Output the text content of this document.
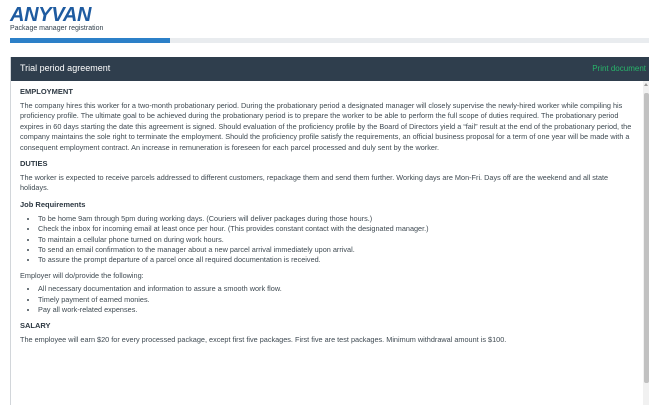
ANYVAN
Package manager registration
Trial period agreement	Print document
EMPLOYMENT

The company hires this worker for a two-month probationary period. During the probationary period a designated manager will closely supervise the newly-hired worker while compiling his proficiency profile. The ultimate goal to be achieved during the probationary period is to prepare the worker to be able to perform the full scope of duties required. The probationary period expires in 60 days starting the date this agreement is signed. Should evaluation of the proficiency profile by the Board of Directors yield a “fail” result at the end of the probationary period, the company maintains the sole right to terminate the employment. Should the proficiency profile satisfy the requirements, an official business proposal for a term of one year will be made with a consequent employment contract. An increase in remuneration is foreseen for each parcel processed and duly sent by the worker.

DUTIES

The worker is expected to receive parcels addressed to different customers, repackage them and send them further. Working days are Mon-Fri. Days off are the weekend and all state holidays.

Job Requirements
• To be home 9am through 5pm during working days. (Couriers will deliver packages during those hours.)
• Check the inbox for incoming email at least once per hour. (This provides constant contact with the designated manager.)
• To maintain a cellular phone turned on during work hours.
• To send an email confirmation to the manager about a new parcel arrival immediately upon arrival.
• To assure the prompt departure of a parcel once all required documentation is received.

Employer will do/provide the following:

• All necessary documentation and information to assure a smooth work flow.
• Timely payment of earned monies.
• Pay all work-related expenses.
SALARY

The employee will earn $20 for every processed package, except first five packages. First five are test packages. Minimum withdrawal amount is $100.
